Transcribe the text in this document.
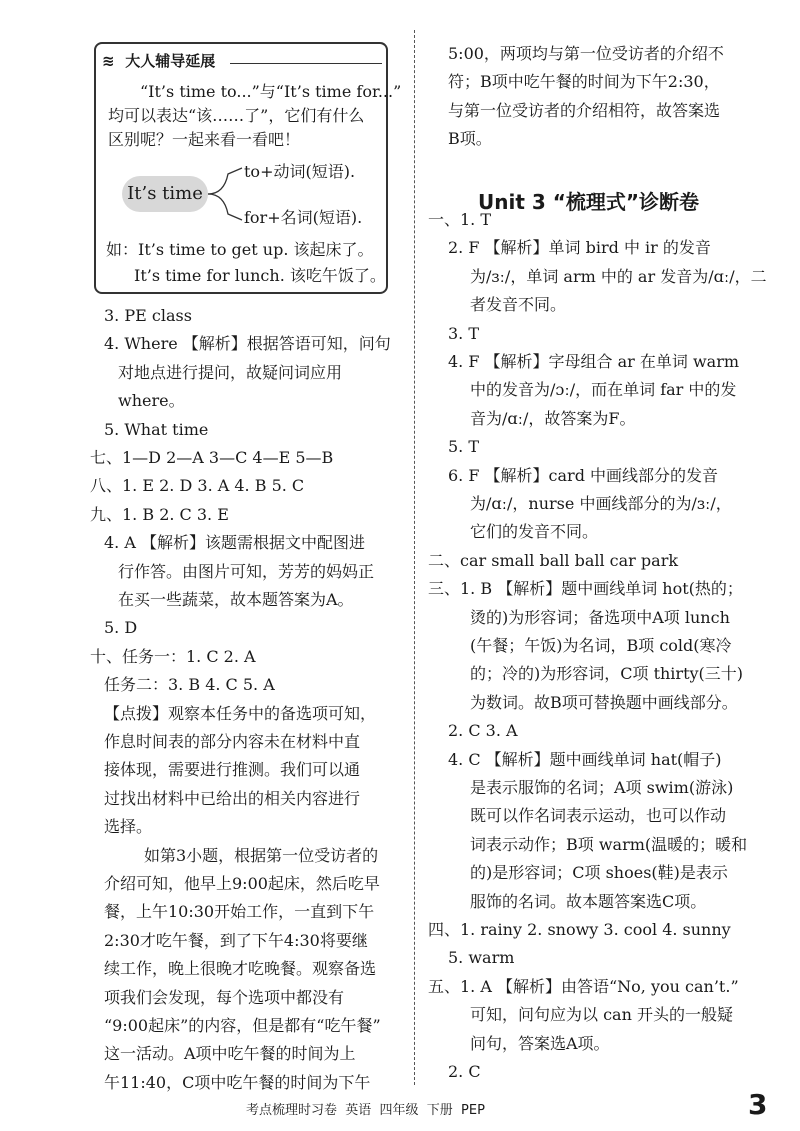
≋ 大人辅导延展
“It’s time to...”与“It’s time for...”
均可以表达“该……了”，它们有什么
区别呢？一起来看一看吧！
It’s time
to+动词(短语).
for+名词(短语).
如：It’s time to get up. 该起床了。
It’s time for lunch. 该吃午饭了。
3. PE class
4. Where 【解析】根据答语可知，问句
对地点进行提问，故疑问词应用
where。
5. What time
七、1—D 2—A 3—C 4—E 5—B
八、1. E 2. D 3. A 4. B 5. C
九、1. B 2. C 3. E
4. A 【解析】该题需根据文中配图进
行作答。由图片可知，芳芳的妈妈正
在买一些蔬菜，故本题答案为A。
5. D
十、任务一：1. C 2. A
任务二：3. B 4. C 5. A
【点拨】观察本任务中的备选项可知，
作息时间表的部分内容未在材料中直
接体现，需要进行推测。我们可以通
过找出材料中已给出的相关内容进行
选择。
如第3小题，根据第一位受访者的
介绍可知，他早上9:00起床，然后吃早
餐，上午10:30开始工作，一直到下午
2:30才吃午餐，到了下午4:30将要继
续工作，晚上很晚才吃晚餐。观察备选
项我们会发现，每个选项中都没有
“9:00起床”的内容，但是都有“吃午餐”
这一活动。A项中吃午餐的时间为上
午11:40，C项中吃午餐的时间为下午
5:00，两项均与第一位受访者的介绍不
符；B项中吃午餐的时间为下午2:30，
与第一位受访者的介绍相符，故答案选
B项。
Unit 3 “梳理式”诊断卷
一、1. T
2. F 【解析】单词 bird 中 ir 的发音
为/ɜː/，单词 arm 中的 ar 发音为/ɑː/，二
者发音不同。
3. T
4. F 【解析】字母组合 ar 在单词 warm
中的发音为/ɔː/，而在单词 far 中的发
音为/ɑː/，故答案为F。
5. T
6. F 【解析】card 中画线部分的发音
为/ɑː/，nurse 中画线部分的为/ɜː/，
它们的发音不同。
二、car small ball ball car park
三、1. B 【解析】题中画线单词 hot(热的；
烫的)为形容词；备选项中A项 lunch
(午餐；午饭)为名词，B项 cold(寒冷
的；冷的)为形容词，C项 thirty(三十)
为数词。故B项可替换题中画线部分。
2. C 3. A
4. C 【解析】题中画线单词 hat(帽子)
是表示服饰的名词；A项 swim(游泳)
既可以作名词表示运动，也可以作动
词表示动作；B项 warm(温暖的；暖和
的)是形容词；C项 shoes(鞋)是表示
服饰的名词。故本题答案选C项。
四、1. rainy 2. snowy 3. cool 4. sunny
5. warm
五、1. A 【解析】由答语“No, you can’t.”
可知，问句应为以 can 开头的一般疑
问句，答案选A项。
2. C
考点梳理时习卷  英语  四年级  下册  PEP	3
